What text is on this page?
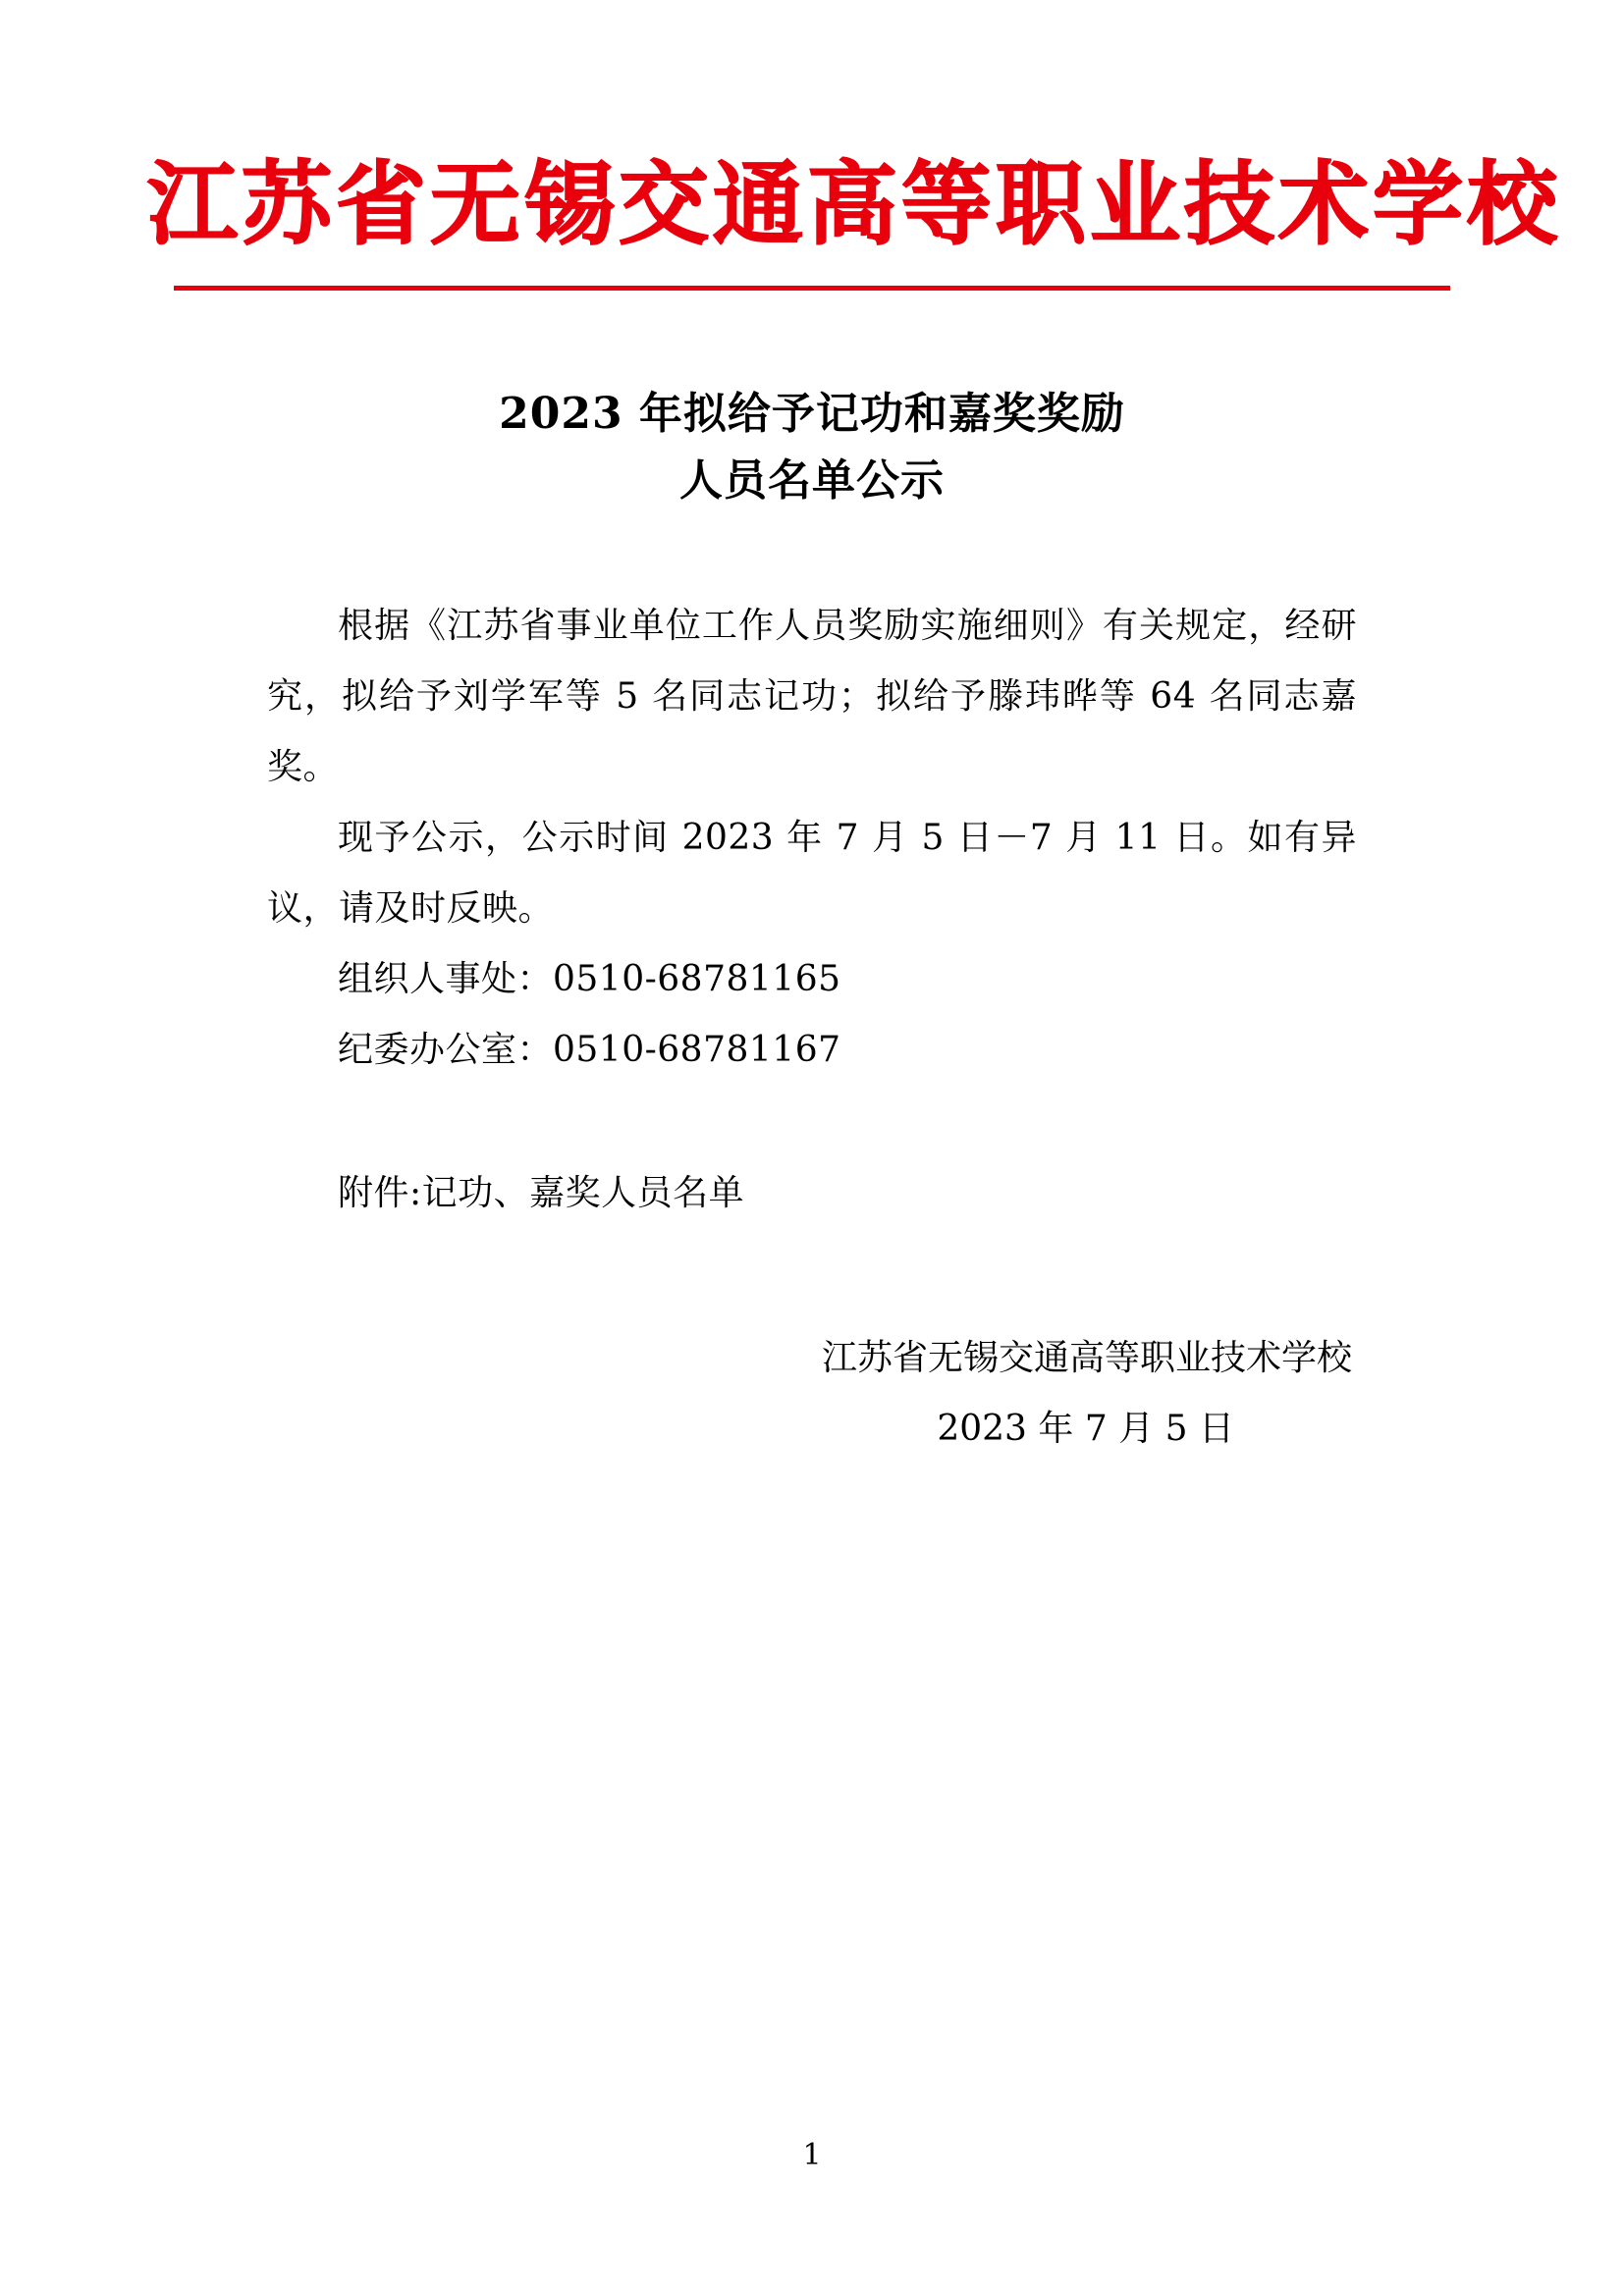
江苏省无锡交通高等职业技术学校
2023 年拟给予记功和嘉奖奖励
人员名单公示

根据《江苏省事业单位工作人员奖励实施细则》有关规定，经研究，拟给予刘学军等 5 名同志记功；拟给予滕玮晔等 64 名同志嘉奖。

现予公示，公示时间 2023 年 7 月 5 日－7 月 11 日。如有异议，请及时反映。

组织人事处：0510-68781165

纪委办公室：0510-68781167

附件:记功、嘉奖人员名单

江苏省无锡交通高等职业技术学校
2023 年 7 月 5 日
1
